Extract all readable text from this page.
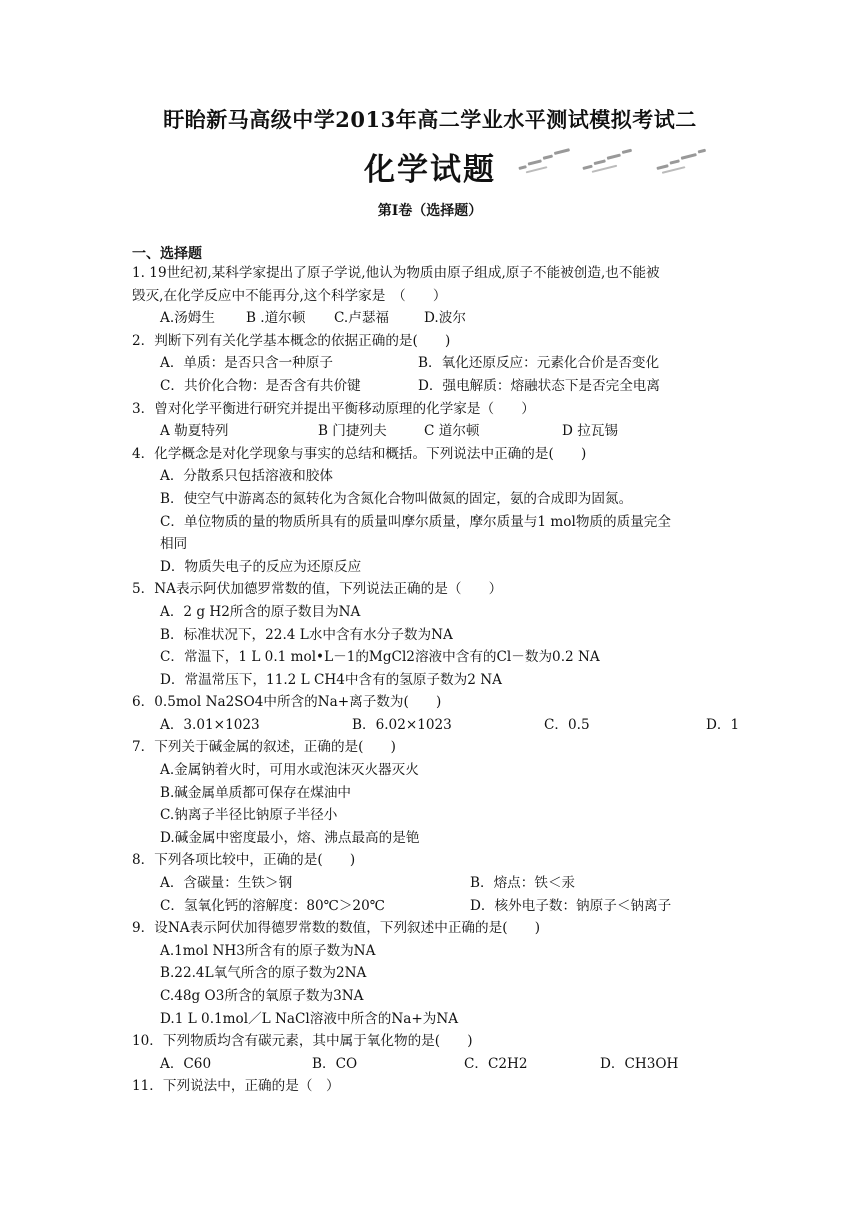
盱眙新马高级中学2013年高二学业水平测试模拟考试二
化学试题
第Ⅰ卷（选择题）
一、选择题
1. 19世纪初,某科学家提出了原子学说,他认为物质由原子组成,原子不能被创造,也不能被
毁灭,在化学反应中不能再分,这个科学家是　（　　）
A.汤姆生	B .道尔顿	C.卢瑟福	D.波尔
2．判断下列有关化学基本概念的依据正确的是(　　)
A．单质：是否只含一种原子	B．氧化还原反应：元素化合价是否变化
C．共价化合物：是否含有共价键	D．强电解质：熔融状态下是否完全电离
3．曾对化学平衡进行研究并提出平衡移动原理的化学家是（　　）
A 勒夏特列	B 门捷列夫	C 道尔顿	D 拉瓦锡
4．化学概念是对化学现象与事实的总结和概括。下列说法中正确的是(　　)
A．分散系只包括溶液和胶体
B．使空气中游离态的氮转化为含氮化合物叫做氮的固定，氨的合成即为固氮。
C．单位物质的量的物质所具有的质量叫摩尔质量，摩尔质量与1 mol物质的质量完全
相同
D．物质失电子的反应为还原反应
5．NA表示阿伏加德罗常数的值，下列说法正确的是（　　）
A．2 g H2所含的原子数目为NA
B．标准状况下，22.4 L水中含有水分子数为NA
C．常温下，1 L 0.1 mol•L－1的MgCl2溶液中含有的Cl－数为0.2 NA
D．常温常压下，11.2 L CH4中含有的氢原子数为2 NA
6．0.5mol Na2SO4中所含的Na+离子数为(　　)
A．3.01×1023	B．6.02×1023	C．0.5	D．1
7．下列关于碱金属的叙述，正确的是(　　)
A.金属钠着火时，可用水或泡沫灭火器灭火
B.碱金属单质都可保存在煤油中
C.钠离子半径比钠原子半径小
D.碱金属中密度最小，熔、沸点最高的是铯
8．下列各项比较中，正确的是(　　)
A．含碳量：生铁＞钢	B．熔点：铁＜汞
C．氢氧化钙的溶解度：80℃＞20℃	D．核外电子数：钠原子＜钠离子
9．设NA表示阿伏加得德罗常数的数值，下列叙述中正确的是(　　)
A.1mol NH3所含有的原子数为NA
B.22.4L氧气所含的原子数为2NA
C.48g O3所含的氧原子数为3NA
D.1 L 0.1mol／L NaCl溶液中所含的Na+为NA
10．下列物质均含有碳元素，其中属于氧化物的是(　　)
A．C60	B．CO	C．C2H2	D．CH3OH
11．下列说法中，正确的是（　）
